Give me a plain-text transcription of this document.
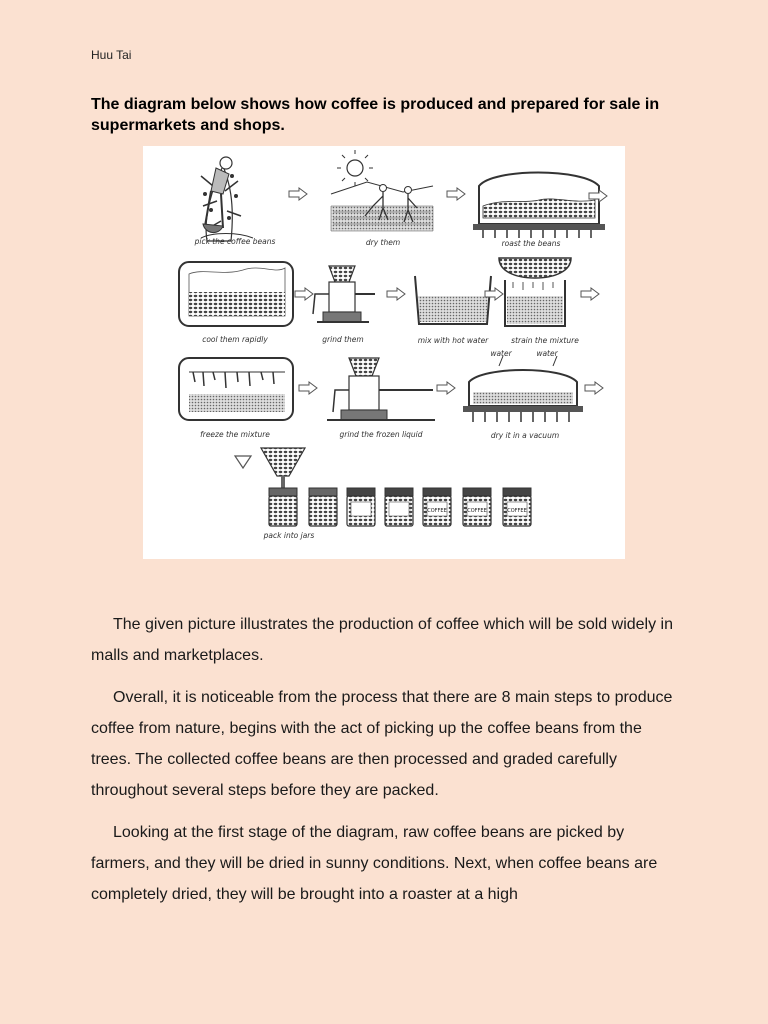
Huu Tai
The diagram below shows how coffee is produced and prepared for sale in supermarkets and shops.
pick the coffee beans	dry them	roast the beans
cool them rapidly	grind them	mix with hot water	strain the mixture
water	water
freeze the mixture	grind the frozen liquid	dry it in a vacuum
COFFEE	COFFEE	COFFEE
pack into jars

The given picture illustrates the production of coffee which will be sold widely in malls and marketplaces.

Overall, it is noticeable from the process that there are 8 main steps to produce coffee from nature, begins with the act of picking up the coffee beans from the trees. The collected coffee beans are then processed and graded carefully throughout several steps before they are packed.

Looking at the first stage of the diagram, raw coffee beans are picked by farmers, and they will be dried in sunny conditions. Next, when coffee beans are completely dried, they will be brought into a roaster at a high
